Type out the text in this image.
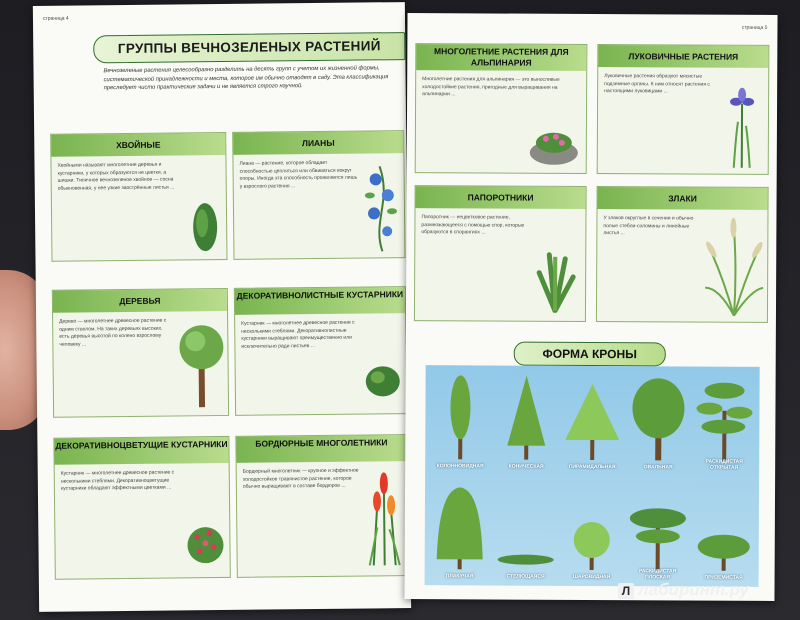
страница 4
ГРУППЫ ВЕЧНОЗЕЛЕНЫХ РАСТЕНИЙ
Вечнозеленые растения целесообразно разделить на десять групп с учетом их жизненной формы, систематической принадлежности и места, которое им обычно отводят в саду. Эта классификация преследует чисто практические задачи и не является строго научной.
ХВОЙНЫЕ
Хвойными называют многолетние деревья и кустарники, у которых образуются не цветки, а шишки. Типичное вечнозеленое хвойное — сосна обыкновенная, у нее узкие заострённые листья ...
ЛИАНЫ
Лиана — растение, которое обладает способностью цепляться или обвиваться вокруг опоры. Иногда эта способность проявляется лишь у взрослого растения ...
ДЕРЕВЬЯ
Дерево — многолетнее древесное растение с одним стволом. На таких деревьях высоких, есть деревья высотой по колено взрослому человеку ...
ДЕКОРАТИВНОЛИСТНЫЕ КУСТАРНИКИ
Кустарник — многолетнее древесное растение с несколькими стеблями. Декоративнолистные кустарники выращивают преимущественно или исключительно ради листьев ...
ДЕКОРАТИВНОЦВЕТУЩИЕ КУСТАРНИКИ
Кустарник — многолетнее древесное растение с несколькими стеблями. Декоративноцветущие кустарники обладают эффектными цветками ...
БОРДЮРНЫЕ МНОГОЛЕТНИКИ
Бордюрный многолетник — крупное и эффектное холодостойкое травянистое растение, которое обычно выращивают в составе бордюров ...
страница 5
МНОГОЛЕТНИЕ РАСТЕНИЯ ДЛЯ АЛЬПИНАРИЯ
Многолетние растения для альпинария — это выносливые холодостойкие растения, пригодные для выращивания на альпинарии ...
ЛУКОВИЧНЫЕ РАСТЕНИЯ
Луковичные растения образуют мясистые подземные органы. К ним относят растения с настоящими луковицами ...
ПАПОРОТНИКИ
Папоротник — нецветковое растение, размножающееся с помощью спор, которые образуются в спорангиях ...
ЗЛАКИ
У злаков округлые в сечении и обычно полые стебли-соломины и линейные листья ...
ФОРМА КРОНЫ
КОЛОННОВИДНАЯ	КОНИЧЕСКАЯ	ПИРАМИДАЛЬНАЯ	ОВАЛЬНАЯ
РАСКИДИСТАЯ ОТКРЫТАЯ
ПЛАКУЧАЯ	СТЕЛЮЩАЯСЯ	ШАРОВИДНАЯ
РАСКИДИСТАЯ ПЛОСКАЯ	ПРИЗЕМИСТАЯ
Л лабиринт.ру
